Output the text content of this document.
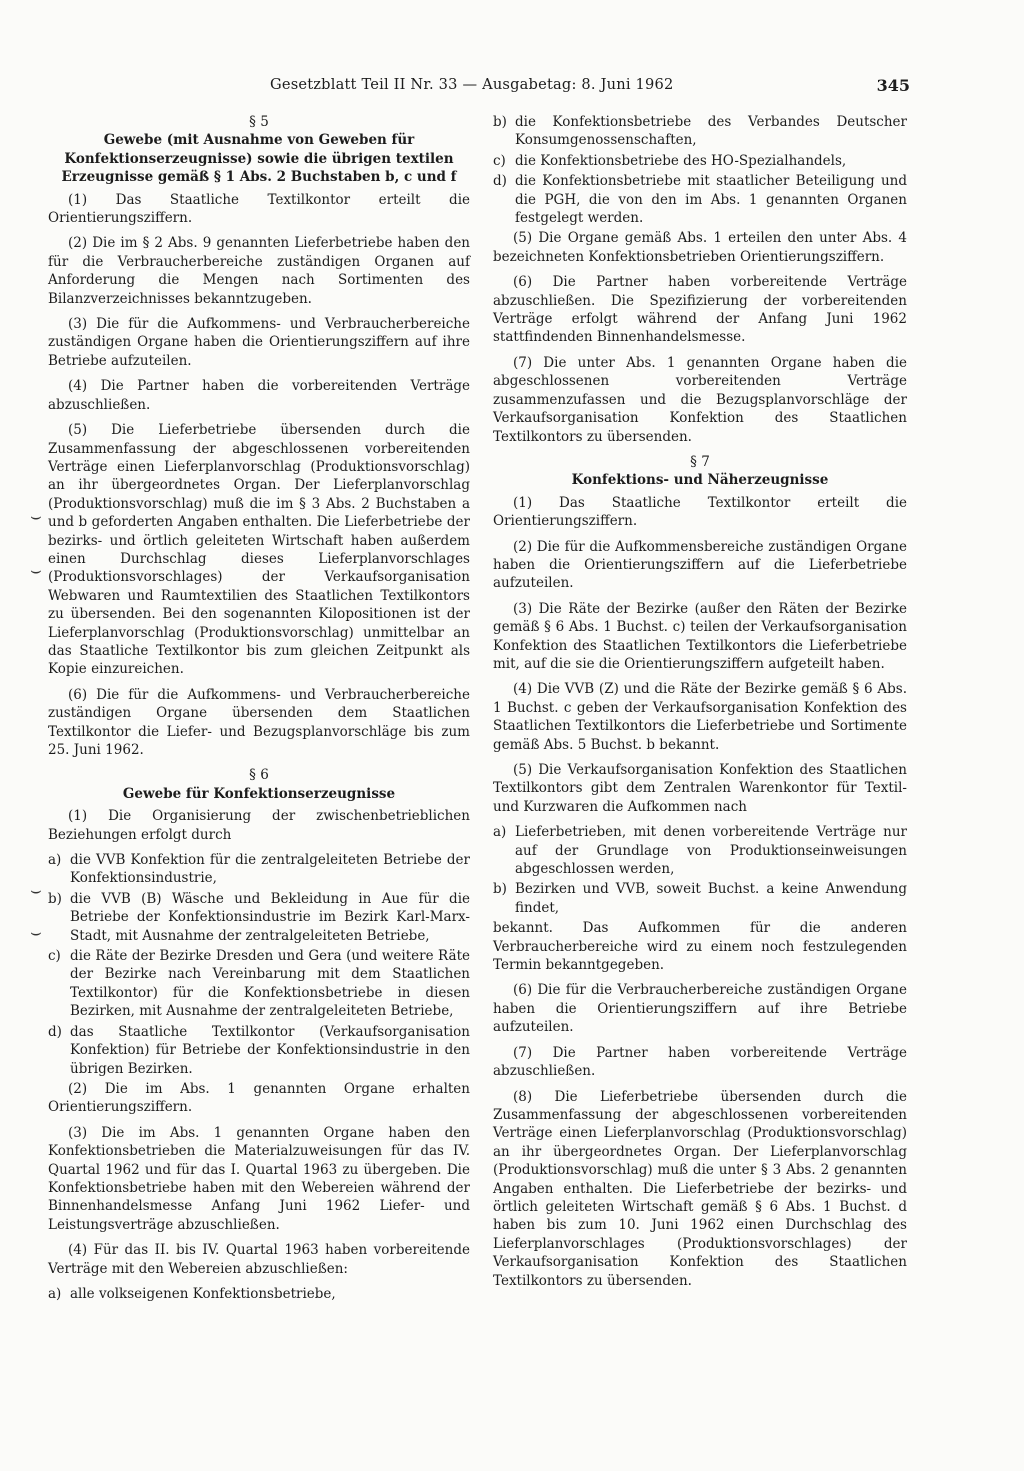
Gesetzblatt Teil II Nr. 33 — Ausgabetag: 8. Juni 1962	345
§ 5
Gewebe (mit Ausnahme von Geweben für Konfektionserzeugnisse) sowie die übrigen textilen Erzeugnisse gemäß § 1 Abs. 2 Buchstaben b, c und f
(1) Das Staatliche Textilkontor erteilt die Orientierungsziffern.
(2) Die im § 2 Abs. 9 genannten Lieferbetriebe haben den für die Verbraucherbereiche zuständigen Organen auf Anforderung die Mengen nach Sortimenten des Bilanzverzeichnisses bekanntzugeben.
(3) Die für die Aufkommens- und Verbraucherbereiche zuständigen Organe haben die Orientierungsziffern auf ihre Betriebe aufzuteilen.
(4) Die Partner haben die vorbereitenden Verträge abzuschließen.
(5) Die Lieferbetriebe übersenden durch die Zusammenfassung der abgeschlossenen vorbereitenden Verträge einen Lieferplanvorschlag (Produktionsvorschlag) an ihr übergeordnetes Organ. Der Lieferplanvorschlag (Produktionsvorschlag) muß die im § 3 Abs. 2 Buchstaben a und b geforderten Angaben enthalten. Die Lieferbetriebe der bezirks- und örtlich geleiteten Wirtschaft haben außerdem einen Durchschlag dieses Lieferplanvorschlages (Produktionsvorschlages) der Verkaufsorganisation Webwaren und Raumtextilien des Staatlichen Textilkontors zu übersenden. Bei den sogenannten Kilopositionen ist der Lieferplanvorschlag (Produktionsvorschlag) unmittelbar an das Staatliche Textilkontor bis zum gleichen Zeitpunkt als Kopie einzureichen.
(6) Die für die Aufkommens- und Verbraucherbereiche zuständigen Organe übersenden dem Staatlichen Textilkontor die Liefer- und Bezugsplanvorschläge bis zum 25. Juni 1962.
§ 6
Gewebe für Konfektionserzeugnisse
(1) Die Organisierung der zwischenbetrieblichen Beziehungen erfolgt durch
a) die VVB Konfektion für die zentralgeleiteten Betriebe der Konfektionsindustrie,
b) die VVB (B) Wäsche und Bekleidung in Aue für die Betriebe der Konfektionsindustrie im Bezirk Karl-Marx-Stadt, mit Ausnahme der zentralgeleiteten Betriebe,
c) die Räte der Bezirke Dresden und Gera (und weitere Räte der Bezirke nach Vereinbarung mit dem Staatlichen Textilkontor) für die Konfektionsbetriebe in diesen Bezirken, mit Ausnahme der zentralgeleiteten Betriebe,
d) das Staatliche Textilkontor (Verkaufsorganisation Konfektion) für Betriebe der Konfektionsindustrie in den übrigen Bezirken.
(2) Die im Abs. 1 genannten Organe erhalten Orientierungsziffern.
(3) Die im Abs. 1 genannten Organe haben den Konfektionsbetrieben die Materialzuweisungen für das IV. Quartal 1962 und für das I. Quartal 1963 zu übergeben. Die Konfektionsbetriebe haben mit den Webereien während der Binnenhandelsmesse Anfang Juni 1962 Liefer- und Leistungsverträge abzuschließen.
(4) Für das II. bis IV. Quartal 1963 haben vorbereitende Verträge mit den Webereien abzuschließen:
a) alle volkseigenen Konfektionsbetriebe,
b) die Konfektionsbetriebe des Verbandes Deutscher Konsumgenossenschaften,
c) die Konfektionsbetriebe des HO-Spezialhandels,
d) die Konfektionsbetriebe mit staatlicher Beteiligung und die PGH, die von den im Abs. 1 genannten Organen festgelegt werden.
(5) Die Organe gemäß Abs. 1 erteilen den unter Abs. 4 bezeichneten Konfektionsbetrieben Orientierungsziffern.
(6) Die Partner haben vorbereitende Verträge abzuschließen. Die Spezifizierung der vorbereitenden Verträge erfolgt während der Anfang Juni 1962 stattfindenden Binnenhandelsmesse.
(7) Die unter Abs. 1 genannten Organe haben die abgeschlossenen vorbereitenden Verträge zusammenzufassen und die Bezugsplanvorschläge der Verkaufsorganisation Konfektion des Staatlichen Textilkontors zu übersenden.
§ 7
Konfektions- und Näherzeugnisse
(1) Das Staatliche Textilkontor erteilt die Orientierungsziffern.
(2) Die für die Aufkommensbereiche zuständigen Organe haben die Orientierungsziffern auf die Lieferbetriebe aufzuteilen.
(3) Die Räte der Bezirke (außer den Räten der Bezirke gemäß § 6 Abs. 1 Buchst. c) teilen der Verkaufsorganisation Konfektion des Staatlichen Textilkontors die Lieferbetriebe mit, auf die sie die Orientierungsziffern aufgeteilt haben.
(4) Die VVB (Z) und die Räte der Bezirke gemäß § 6 Abs. 1 Buchst. c geben der Verkaufsorganisation Konfektion des Staatlichen Textilkontors die Lieferbetriebe und Sortimente gemäß Abs. 5 Buchst. b bekannt.
(5) Die Verkaufsorganisation Konfektion des Staatlichen Textilkontors gibt dem Zentralen Warenkontor für Textil- und Kurzwaren die Aufkommen nach
a) Lieferbetrieben, mit denen vorbereitende Verträge nur auf der Grundlage von Produktionseinweisungen abgeschlossen werden,
b) Bezirken und VVB, soweit Buchst. a keine Anwendung findet,
bekannt. Das Aufkommen für die anderen Verbraucherbereiche wird zu einem noch festzulegenden Termin bekanntgegeben.
(6) Die für die Verbraucherbereiche zuständigen Organe haben die Orientierungsziffern auf ihre Betriebe aufzuteilen.
(7) Die Partner haben vorbereitende Verträge abzuschließen.
(8) Die Lieferbetriebe übersenden durch die Zusammenfassung der abgeschlossenen vorbereitenden Verträge einen Lieferplanvorschlag (Produktionsvorschlag) an ihr übergeordnetes Organ. Der Lieferplanvorschlag (Produktionsvorschlag) muß die unter § 3 Abs. 2 genannten Angaben enthalten. Die Lieferbetriebe der bezirks- und örtlich geleiteten Wirtschaft gemäß § 6 Abs. 1 Buchst. d haben bis zum 10. Juni 1962 einen Durchschlag des Lieferplanvorschlages (Produktionsvorschlages) der Verkaufsorganisation Konfektion des Staatlichen Textilkontors zu übersenden.
⌣
⌣
⌣
⌣
